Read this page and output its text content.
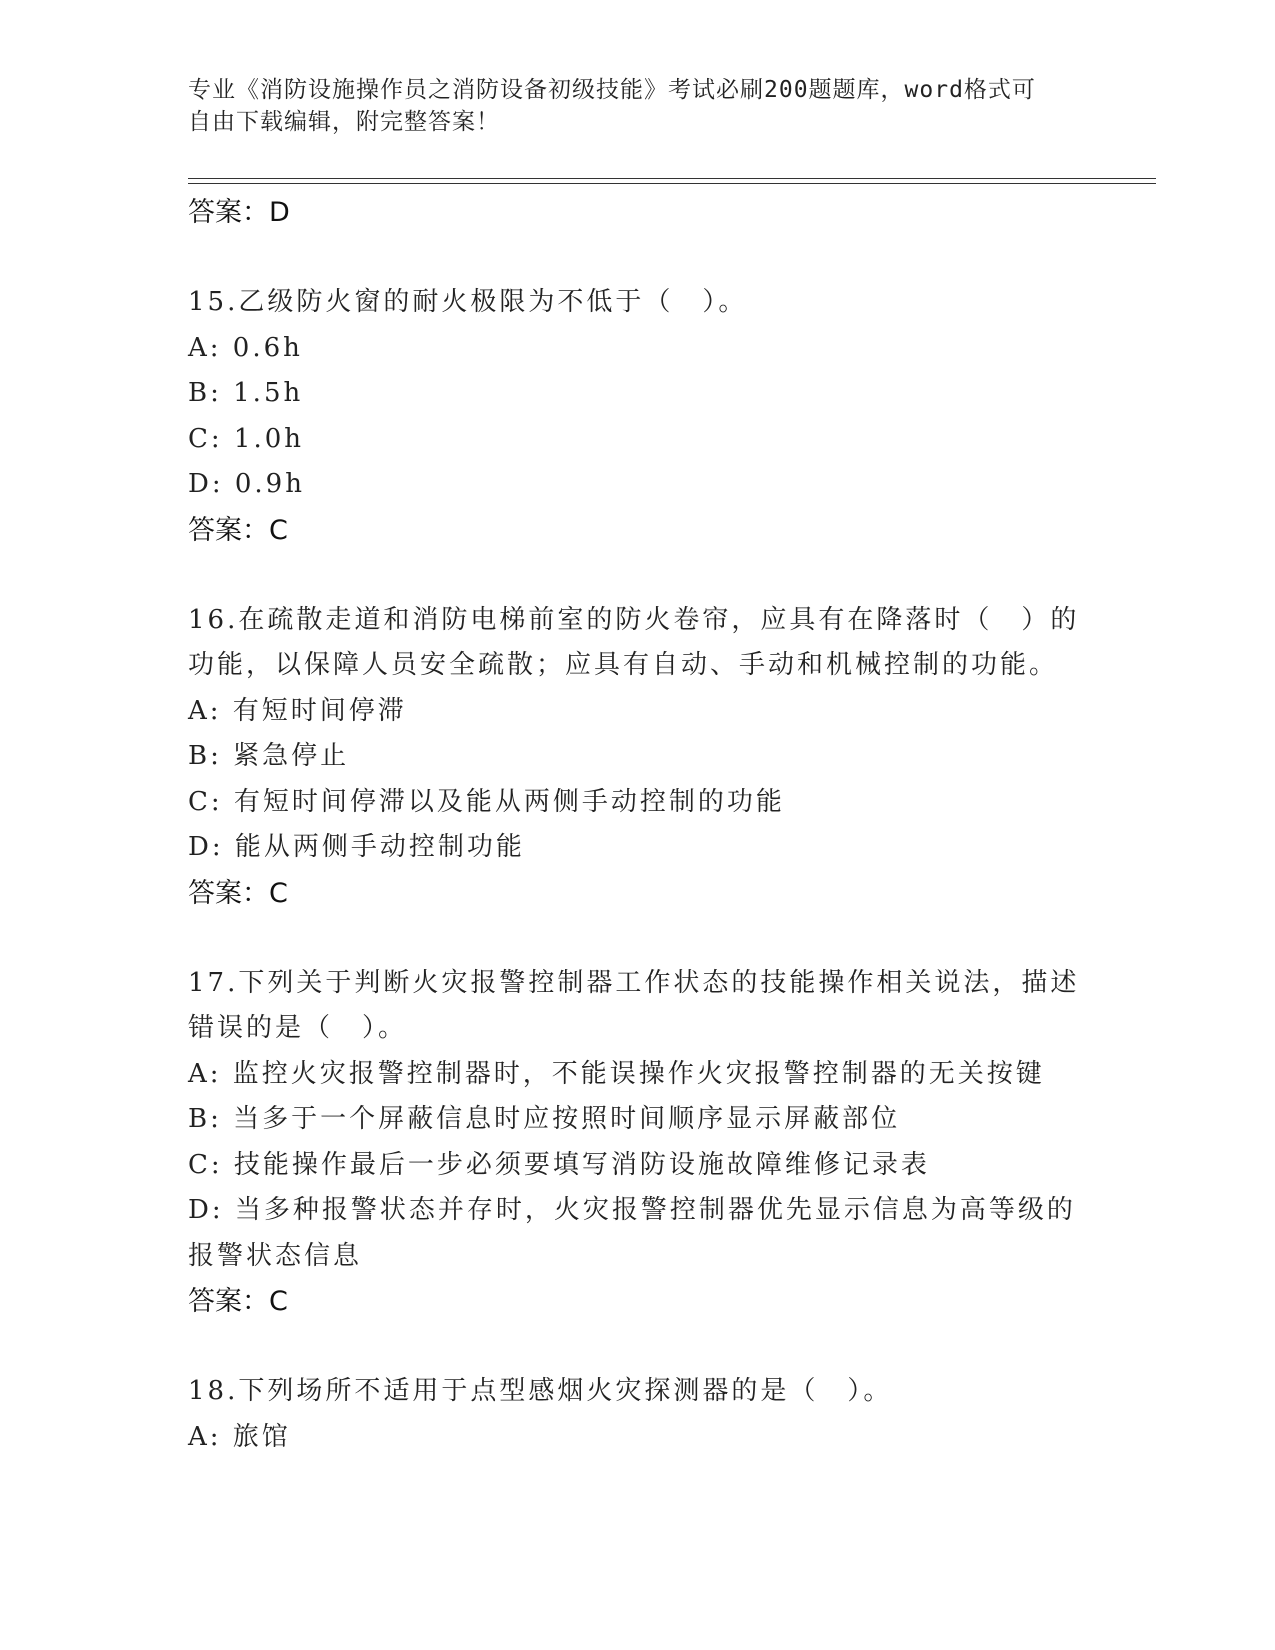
专业《消防设施操作员之消防设备初级技能》考试必刷200题题库，word格式可
自由下载编辑，附完整答案！
答案：D
15.乙级防火窗的耐火极限为不低于（　）。
A: 0.6h
B: 1.5h
C: 1.0h
D: 0.9h
答案：C
16.在疏散走道和消防电梯前室的防火卷帘，应具有在降落时（　）的
功能，以保障人员安全疏散；应具有自动、手动和机械控制的功能。
A: 有短时间停滞
B: 紧急停止
C: 有短时间停滞以及能从两侧手动控制的功能
D: 能从两侧手动控制功能
答案：C
17.下列关于判断火灾报警控制器工作状态的技能操作相关说法，描述
错误的是（　）。
A: 监控火灾报警控制器时，不能误操作火灾报警控制器的无关按键
B: 当多于一个屏蔽信息时应按照时间顺序显示屏蔽部位
C: 技能操作最后一步必须要填写消防设施故障维修记录表
D: 当多种报警状态并存时，火灾报警控制器优先显示信息为高等级的
报警状态信息
答案：C
18.下列场所不适用于点型感烟火灾探测器的是（　）。
A: 旅馆
